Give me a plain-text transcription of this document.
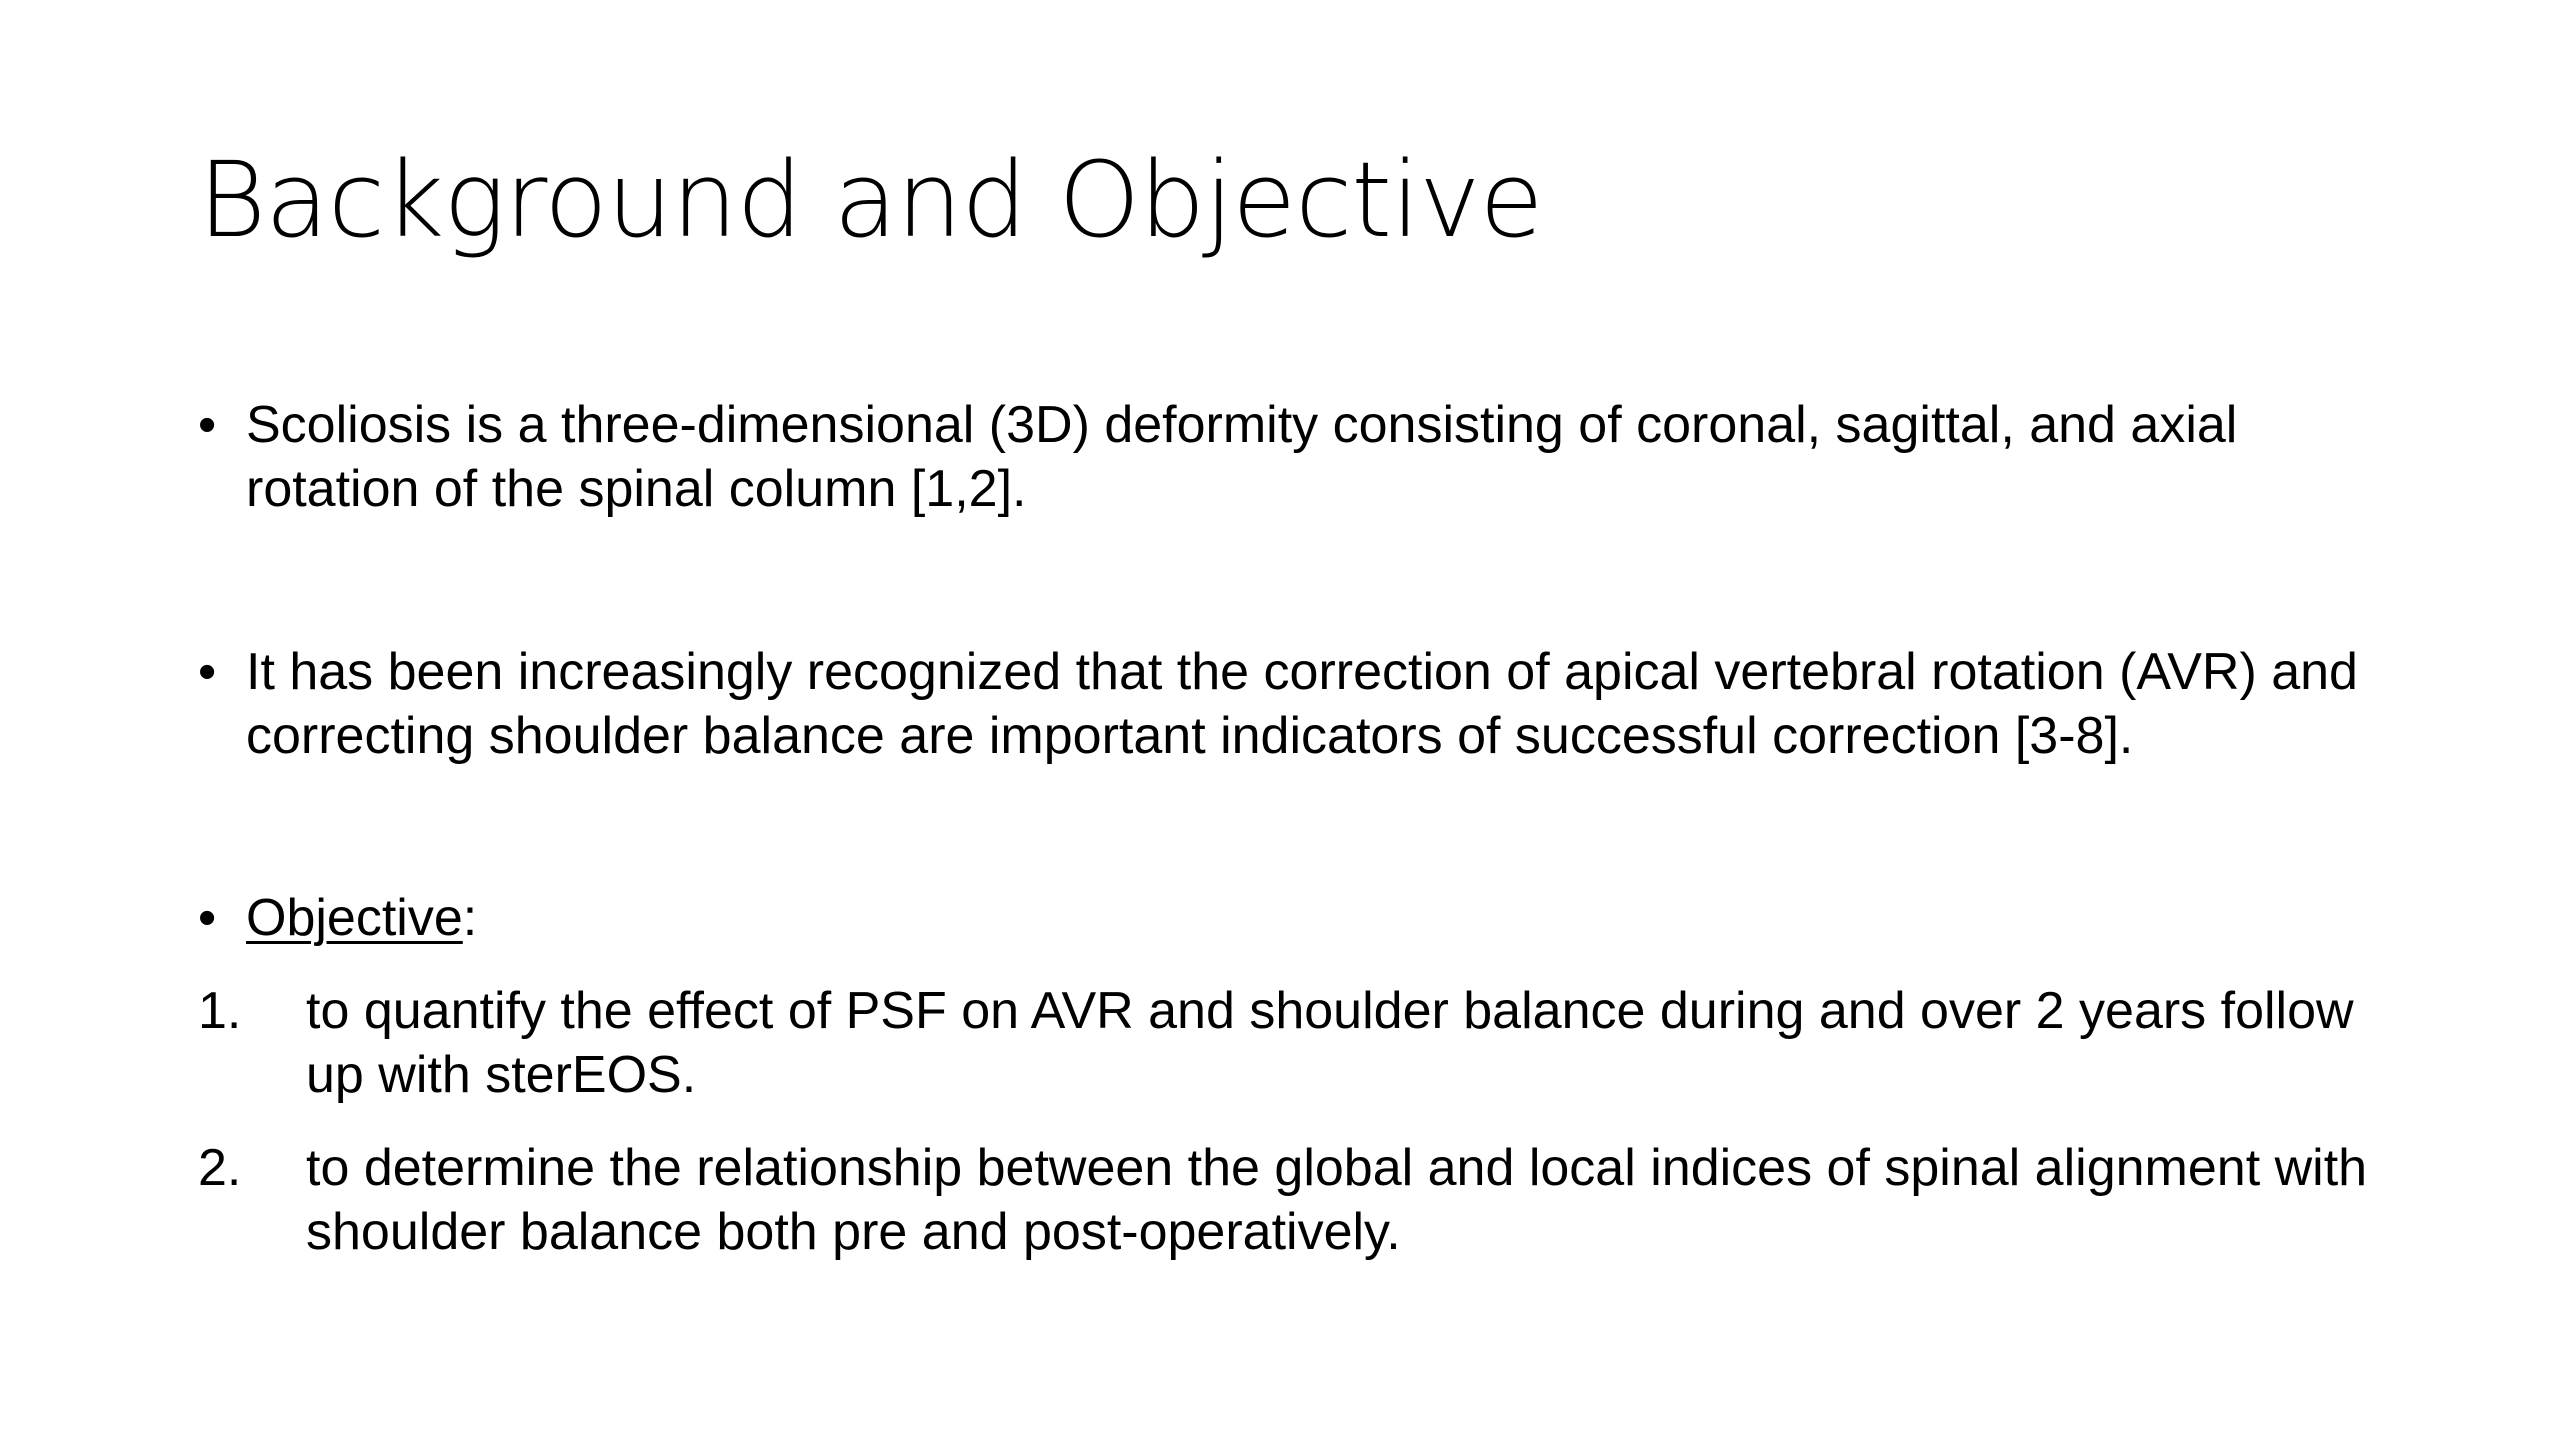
Background and Objective
• Scoliosis is a three-dimensional (3D) deformity consisting of coronal, sagittal, and axial rotation of the spinal column [1,2].
• It has been increasingly recognized that the correction of apical vertebral rotation (AVR) and correcting shoulder balance are important indicators of successful correction [3-8].
• Objective:
1.	to quantify the effect of PSF on AVR and shoulder balance during and over 2 years follow up with sterEOS.
2.	to determine the relationship between the global and local indices of spinal alignment with shoulder balance both pre and post-operatively.
